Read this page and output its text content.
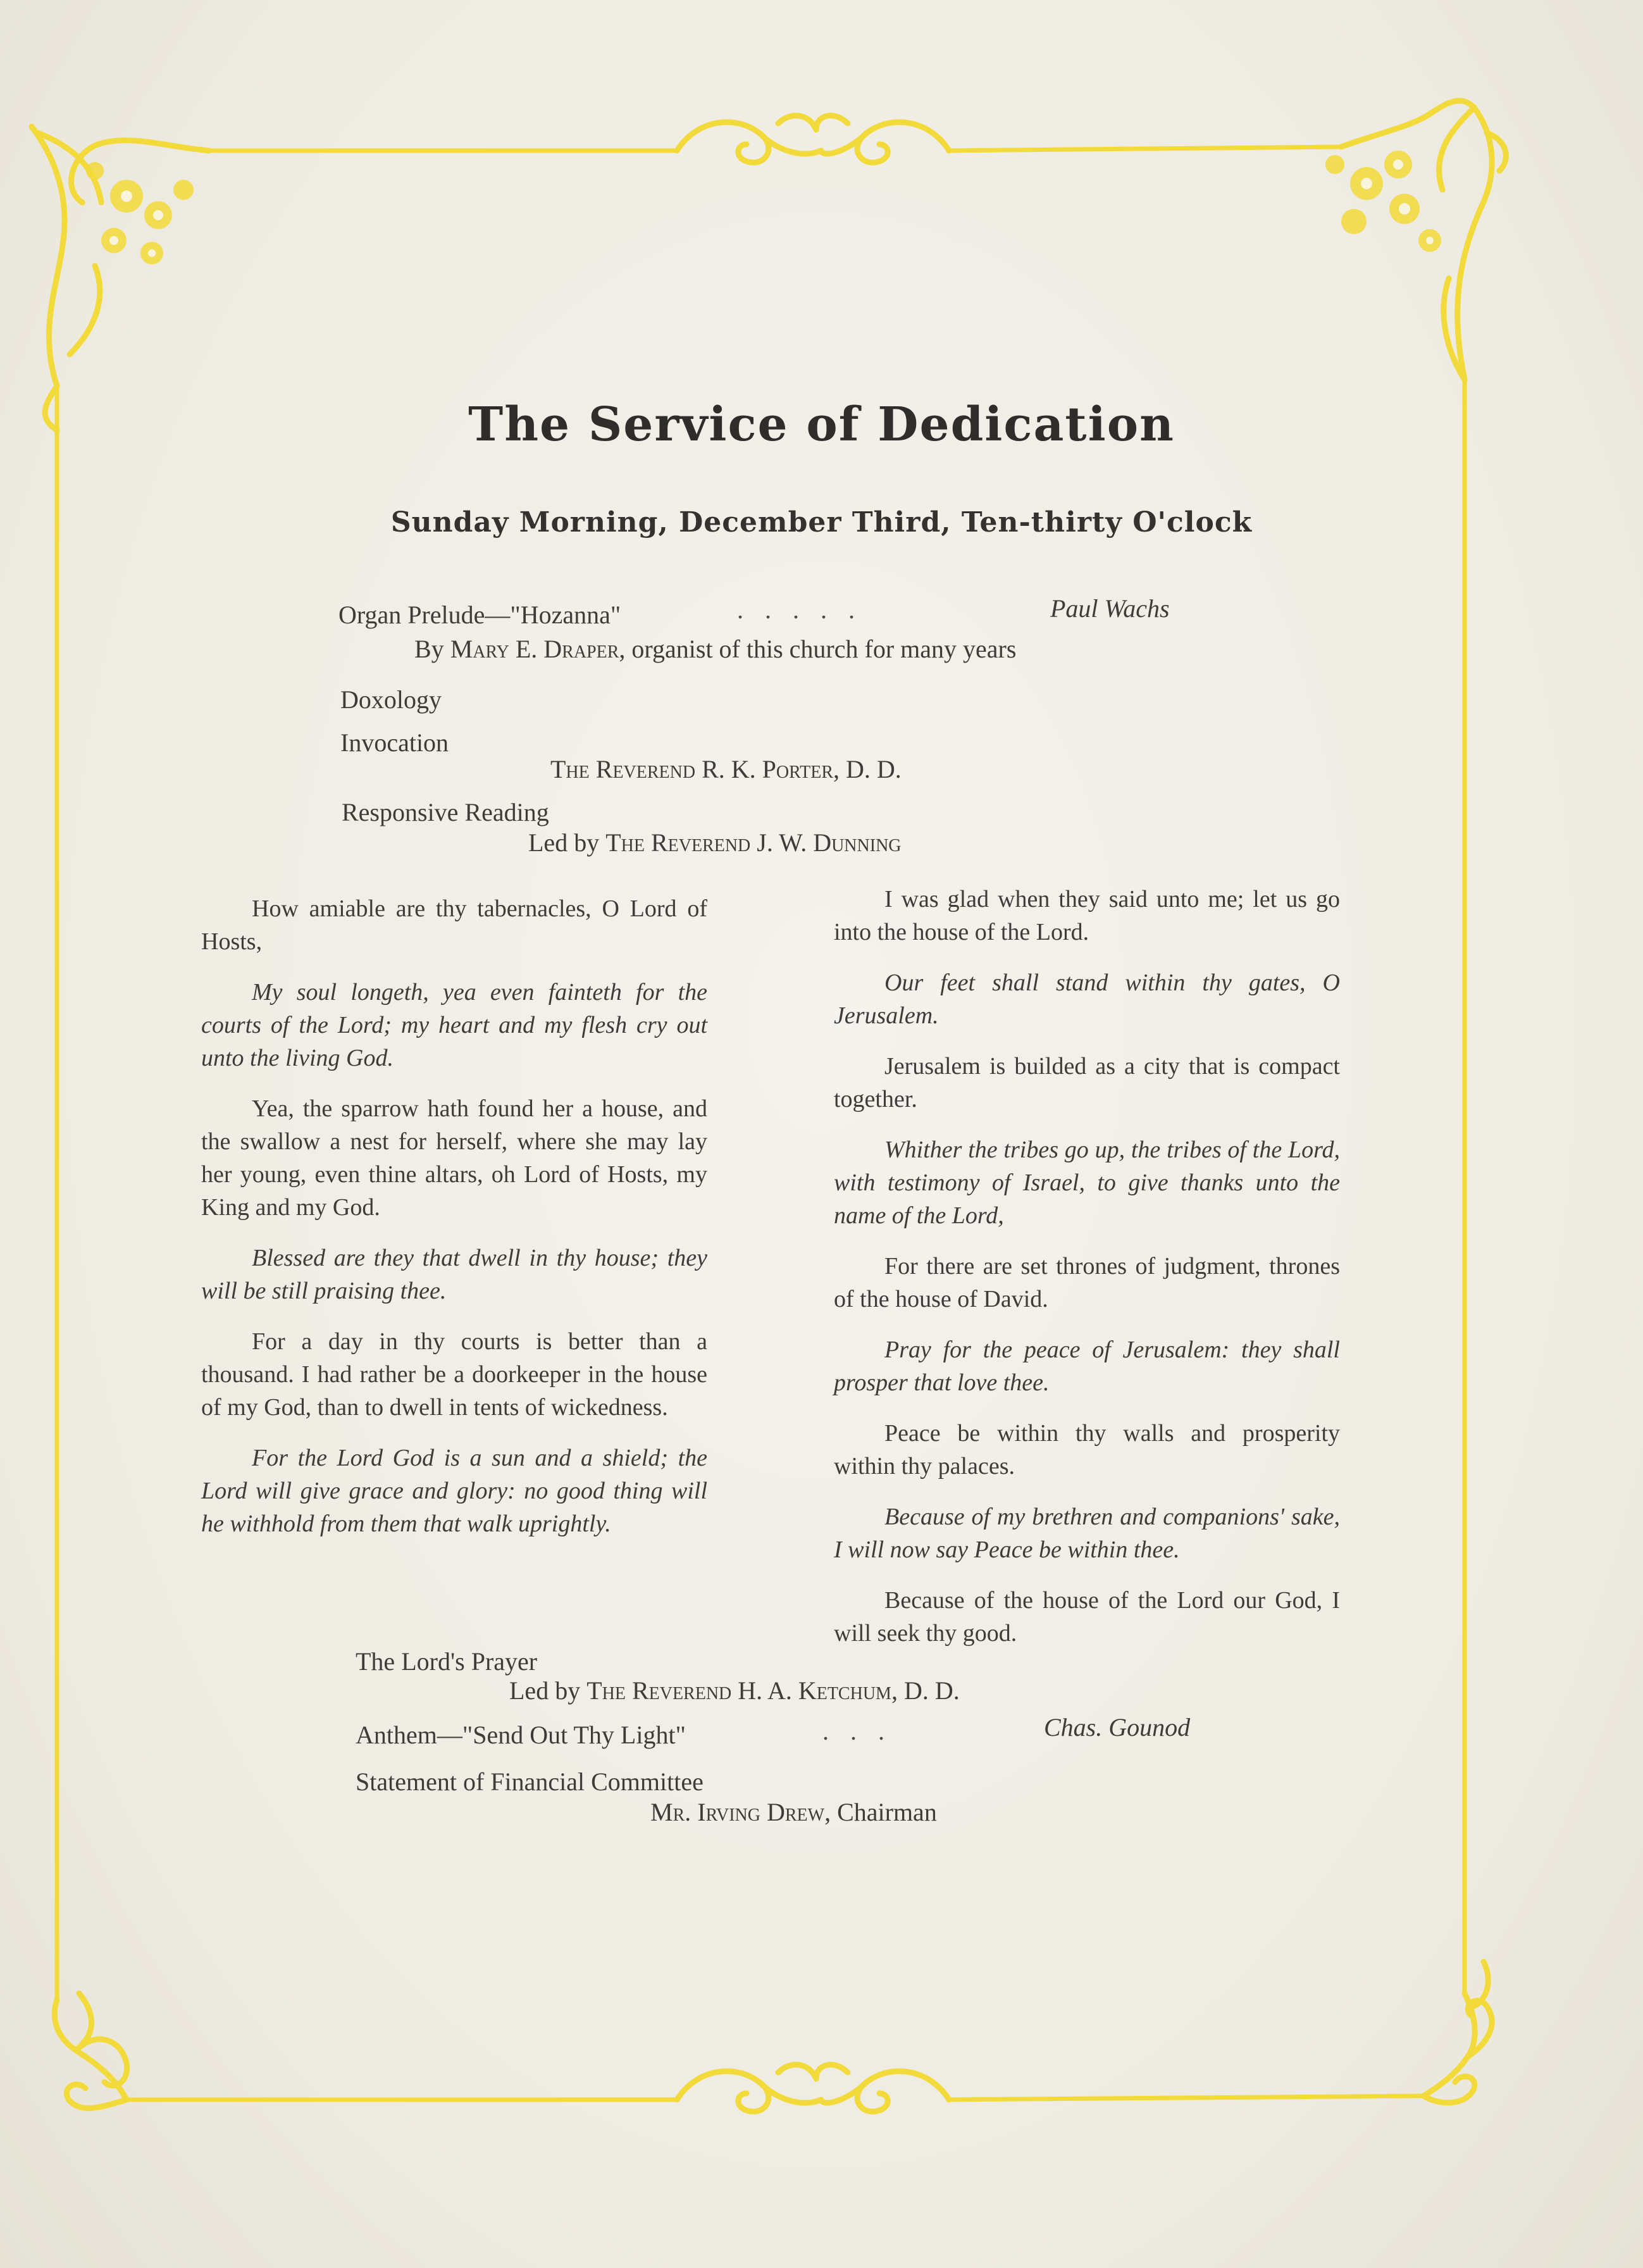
The Service of Dedication
Sunday Morning, December Third, Ten-thirty O'clock
Organ Prelude—"Hozanna"	.....	Paul Wachs
By Mary E. Draper, organist of this church for many years
Doxology
Invocation
The Reverend R. K. Porter, D. D.
Responsive Reading
Led by The Reverend J. W. Dunning

How amiable are thy tabernacles, O Lord of Hosts,

My soul longeth, yea even fainteth for the courts of the Lord; my heart and my flesh cry out unto the living God.

Yea, the sparrow hath found her a house, and the swallow a nest for herself, where she may lay her young, even thine altars, oh Lord of Hosts, my King and my God.

Blessed are they that dwell in thy house; they will be still praising thee.

For a day in thy courts is better than a thousand. I had rather be a doorkeeper in the house of my God, than to dwell in tents of wickedness.

For the Lord God is a sun and a shield; the Lord will give grace and glory: no good thing will he withhold from them that walk uprightly.

I was glad when they said unto me; let us go into the house of the Lord.

Our feet shall stand within thy gates, O Jerusalem.

Jerusalem is builded as a city that is compact together.

Whither the tribes go up, the tribes of the Lord, with testimony of Israel, to give thanks unto the name of the Lord,

For there are set thrones of judgment, thrones of the house of David.

Pray for the peace of Jerusalem: they shall prosper that love thee.

Peace be within thy walls and prosperity within thy palaces.

Because of my brethren and companions' sake, I will now say Peace be within thee.

Because of the house of the Lord our God, I will seek thy good.

The Lord's Prayer
Led by The Reverend H. A. Ketchum, D. D.
Anthem—"Send Out Thy Light"	...	Chas. Gounod
Statement of Financial Committee
Mr. Irving Drew, Chairman
